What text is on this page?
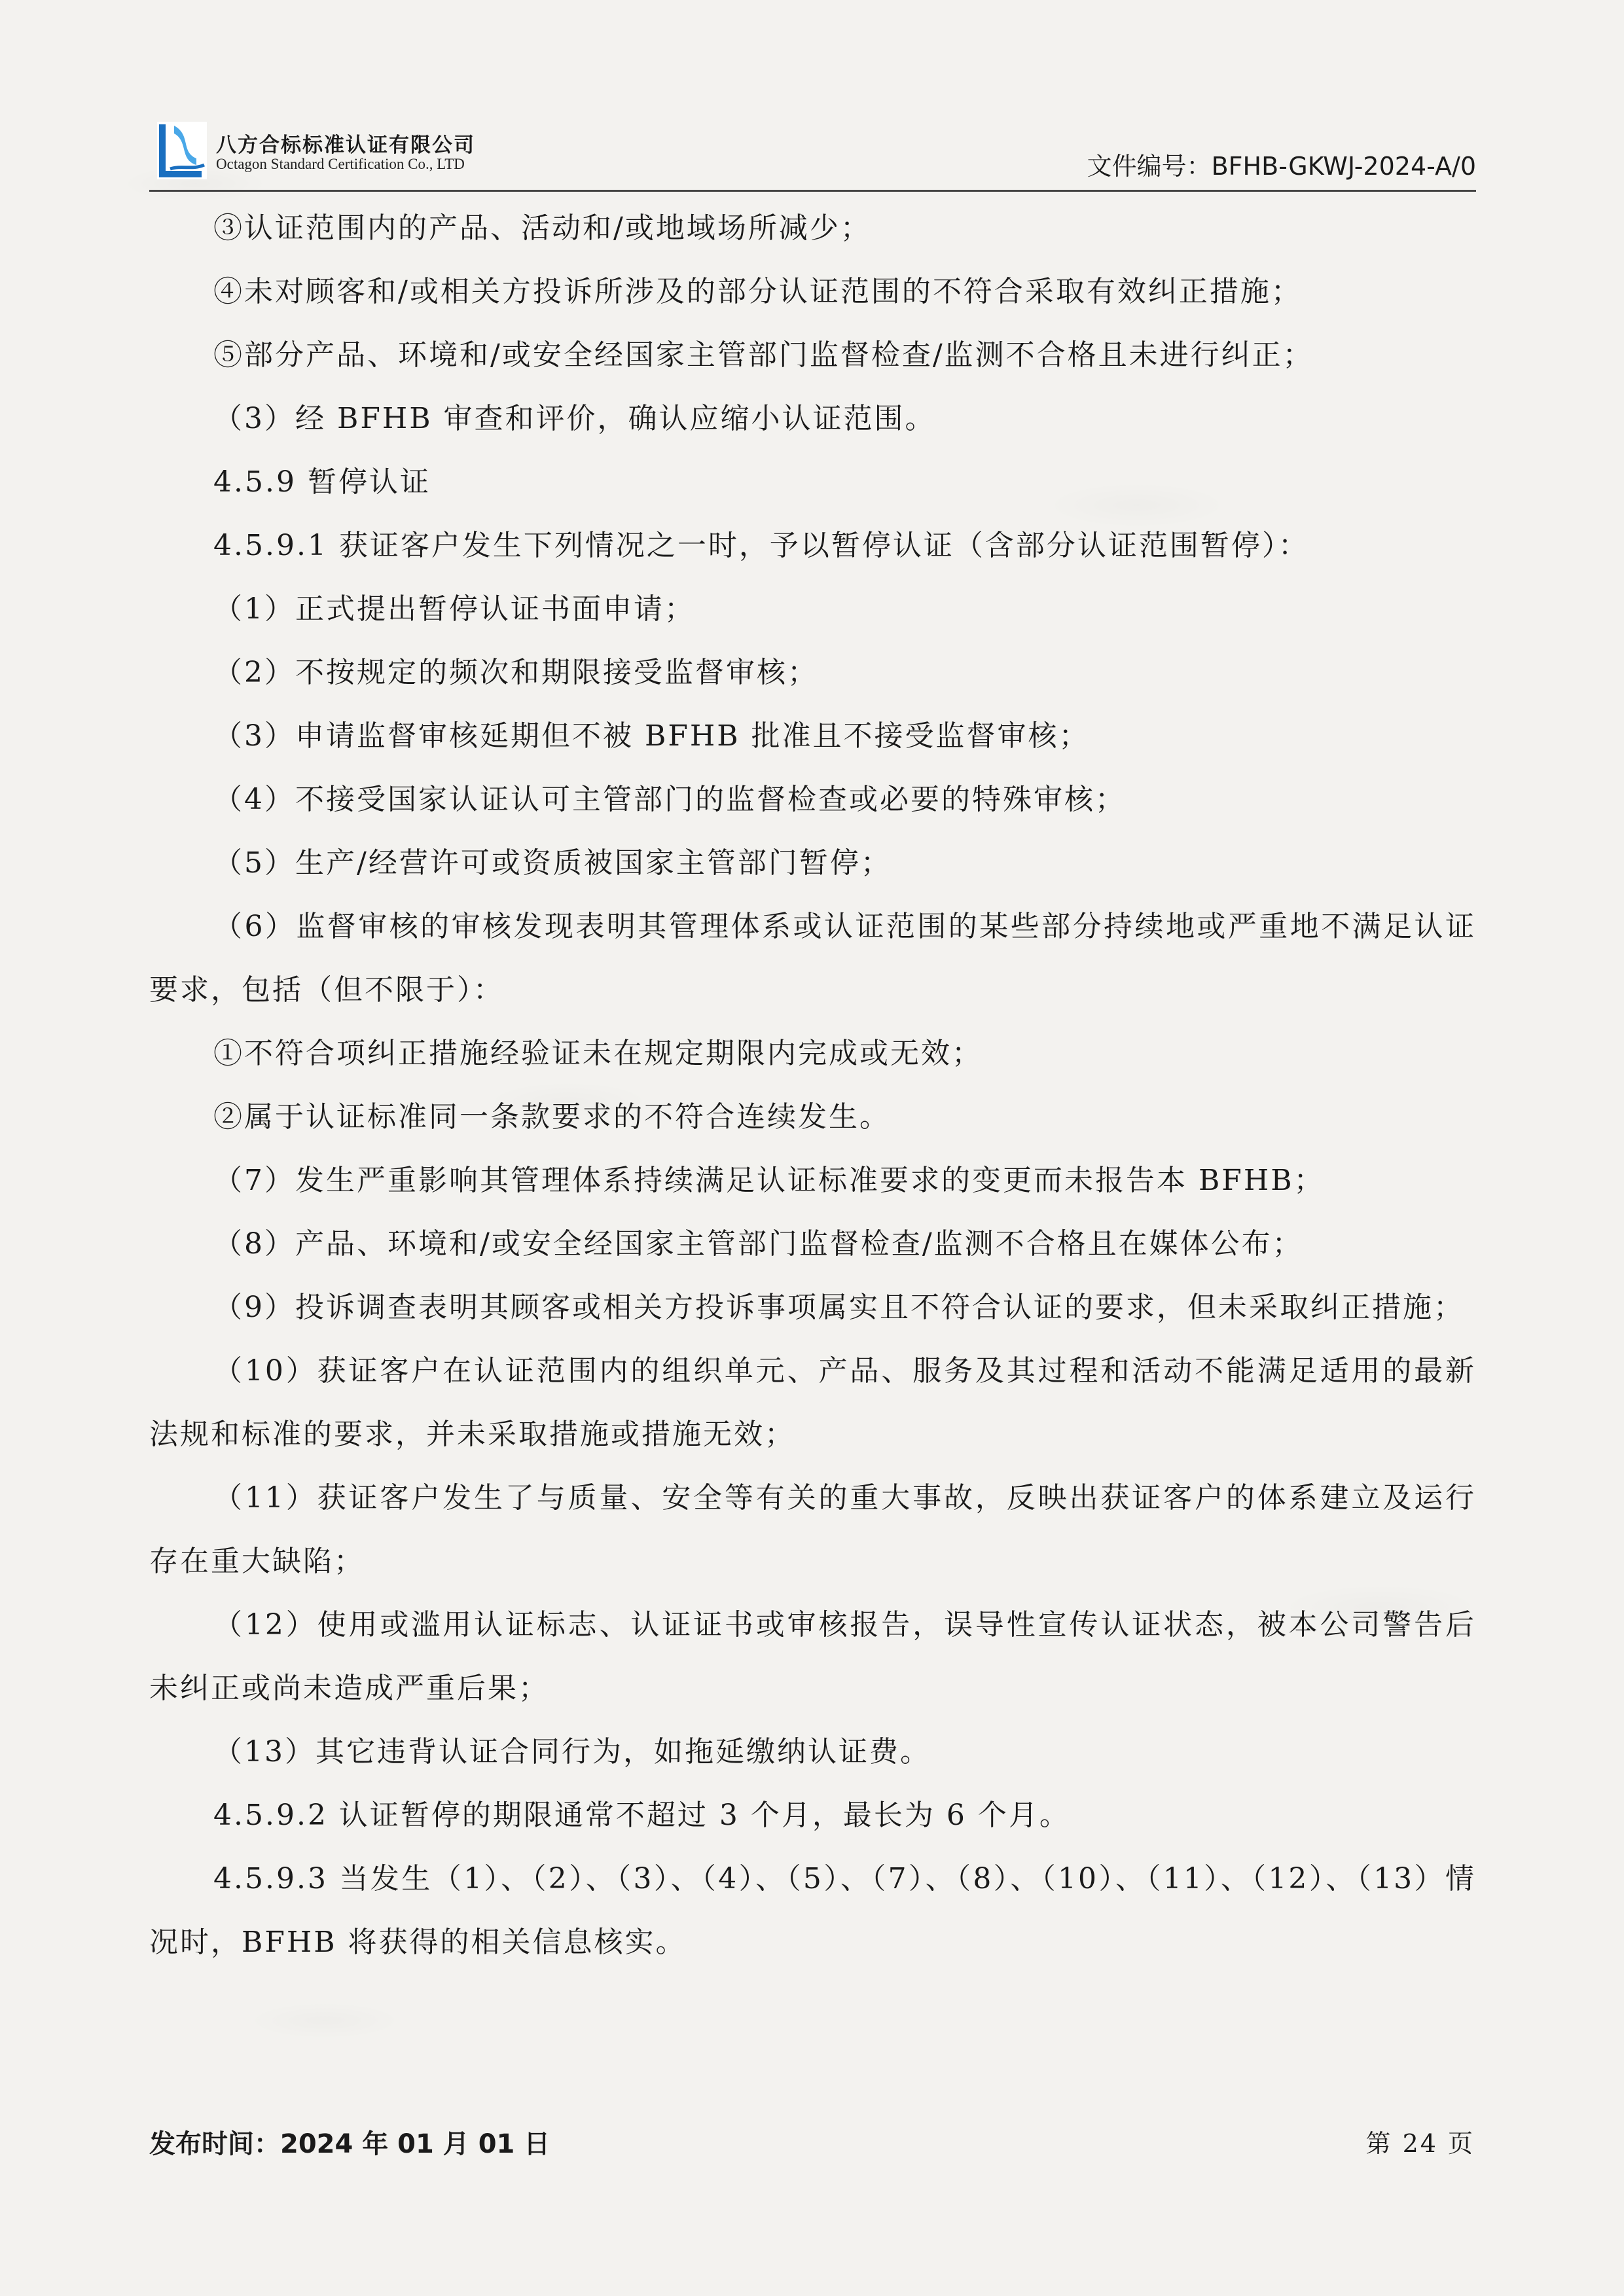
八方合标标准认证有限公司
Octagon Standard Certification Co., LTD	文件编号：BFHB-GKWJ-2024-A/0

③认证范围内的产品、活动和/或地域场所减少；

④未对顾客和/或相关方投诉所涉及的部分认证范围的不符合采取有效纠正措施；

⑤部分产品、环境和/或安全经国家主管部门监督检查/监测不合格且未进行纠正；

（3）经 BFHB 审查和评价，确认应缩小认证范围。

4.5.9 暂停认证

4.5.9.1 获证客户发生下列情况之一时，予以暂停认证（含部分认证范围暂停）：

（1）正式提出暂停认证书面申请；

（2）不按规定的频次和期限接受监督审核；

（3）申请监督审核延期但不被 BFHB 批准且不接受监督审核；

（4）不接受国家认证认可主管部门的监督检查或必要的特殊审核；

（5）生产/经营许可或资质被国家主管部门暂停；

（6）监督审核的审核发现表明其管理体系或认证范围的某些部分持续地或严重地不满足认证要求，包括（但不限于）：

①不符合项纠正措施经验证未在规定期限内完成或无效；

②属于认证标准同一条款要求的不符合连续发生。

（7）发生严重影响其管理体系持续满足认证标准要求的变更而未报告本 BFHB；

（8）产品、环境和/或安全经国家主管部门监督检查/监测不合格且在媒体公布；

（9）投诉调查表明其顾客或相关方投诉事项属实且不符合认证的要求，但未采取纠正措施；

（10）获证客户在认证范围内的组织单元、产品、服务及其过程和活动不能满足适用的最新法规和标准的要求，并未采取措施或措施无效；

（11）获证客户发生了与质量、安全等有关的重大事故，反映出获证客户的体系建立及运行存在重大缺陷；

（12）使用或滥用认证标志、认证证书或审核报告，误导性宣传认证状态，被本公司警告后未纠正或尚未造成严重后果；

（13）其它违背认证合同行为，如拖延缴纳认证费。

4.5.9.2 认证暂停的期限通常不超过 3 个月，最长为 6 个月。

4.5.9.3 当发生（1）、（2）、（3）、（4）、（5）、（7）、（8）、（10）、（11）、（12）、（13）情况时，BFHB 将获得的相关信息核实。

发布时间：2024 年 01 月 01 日	第 24 页
